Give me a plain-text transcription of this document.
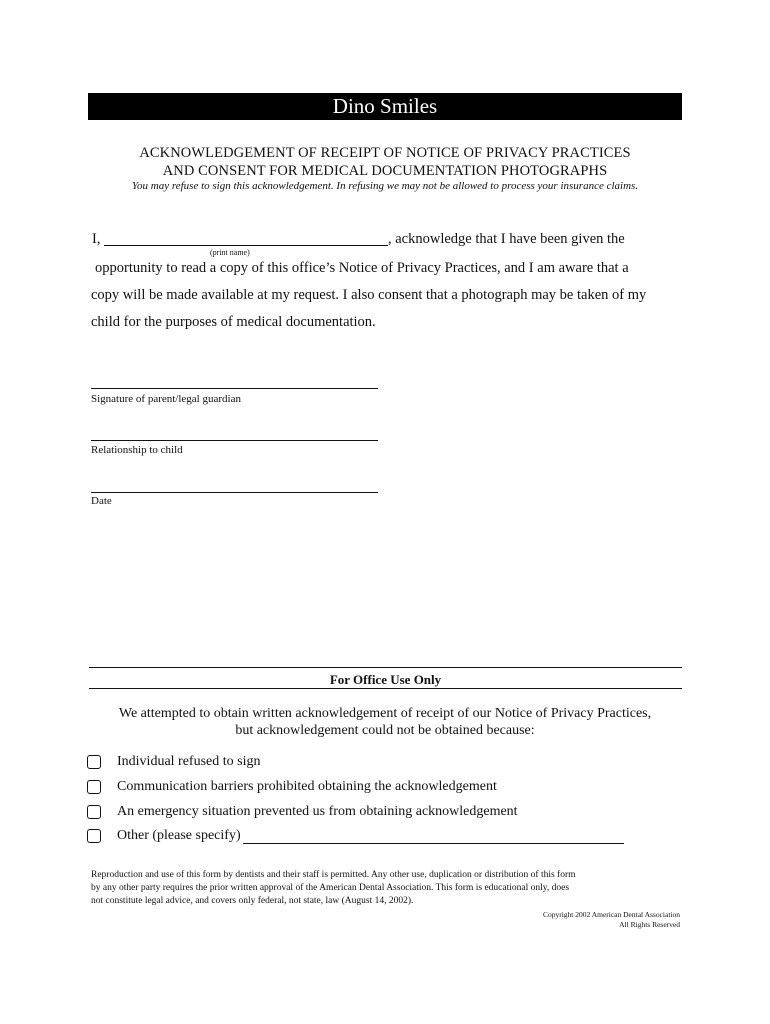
Dino Smiles
ACKNOWLEDGEMENT OF RECEIPT OF NOTICE OF PRIVACY PRACTICES
AND CONSENT FOR MEDICAL DOCUMENTATION PHOTOGRAPHS
You may refuse to sign this acknowledgement. In refusing we may not be allowed to process your insurance claims.
I,	, acknowledge that I have been given the
(print name)
opportunity to read a copy of this office’s Notice of Privacy Practices, and I am aware that a
copy will be made available at my request. I also consent that a photograph may be taken of my
child for the purposes of medical documentation.
Signature of parent/legal guardian
Relationship to child
Date
For Office Use Only
We attempted to obtain written acknowledgement of receipt of our Notice of Privacy Practices,
but acknowledgement could not be obtained because:
Individual refused to sign
Communication barriers prohibited obtaining the acknowledgement
An emergency situation prevented us from obtaining acknowledgement
Other (please specify)
Reproduction and use of this form by dentists and their staff is permitted. Any other use, duplication or distribution of this form
by any other party requires the prior written approval of the American Dental Association. This form is educational only, does
not constitute legal advice, and covers only federal, not state, law (August 14, 2002).
Copyright 2002 American Dental Association
All Rights Reserved
